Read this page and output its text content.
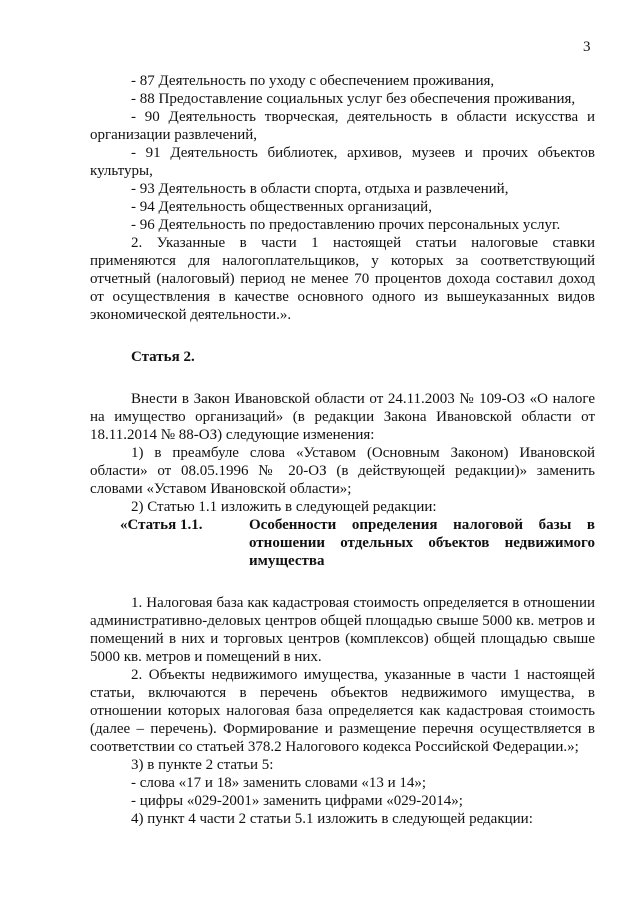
3

- 87 Деятельность по уходу с обеспечением проживания,

- 88 Предоставление социальных услуг без обеспечения проживания,

- 90 Деятельность творческая, деятельность в области искусства и организации развлечений,

- 91 Деятельность библиотек, архивов, музеев и прочих объектов культуры,

- 93 Деятельность в области спорта, отдыха и развлечений,

- 94 Деятельность общественных организаций,

- 96 Деятельность по предоставлению прочих персональных услуг.

2. Указанные в части 1 настоящей статьи налоговые ставки применяются для налогоплательщиков, у которых за соответствующий отчетный (налоговый) период не менее 70 процентов дохода составил доход от осуществления в качестве основного одного из вышеуказанных видов экономической деятельности.».

Статья 2.

Внести в Закон Ивановской области от 24.11.2003 № 109-ОЗ «О налоге на имущество организаций» (в редакции Закона Ивановской области от 18.11.2014 № 88-ОЗ) следующие изменения:

1) в преамбуле слова «Уставом (Основным Законом) Ивановской области» от 08.05.1996 № 20-ОЗ (в действующей редакции)» заменить словами «Уставом Ивановской области»;

2) Статью 1.1 изложить в следующей редакции:

«Статья 1.1.	Особенности определения налоговой базы в отношении отдельных объектов недвижимого имущества

1. Налоговая база как кадастровая стоимость определяется в отношении административно-деловых центров общей площадью свыше 5000 кв. метров и помещений в них и торговых центров (комплексов) общей площадью свыше 5000 кв. метров и помещений в них.

2. Объекты недвижимого имущества, указанные в части 1 настоящей статьи, включаются в перечень объектов недвижимого имущества, в отношении которых налоговая база определяется как кадастровая стоимость (далее – перечень). Формирование и размещение перечня осуществляется в соответствии со статьей 378.2 Налогового кодекса Российской Федерации.»;

3) в пункте 2 статьи 5:

- слова «17 и 18» заменить словами «13 и 14»;

- цифры «029-2001» заменить цифрами «029-2014»;

4) пункт 4 части 2 статьи 5.1 изложить в следующей редакции:
